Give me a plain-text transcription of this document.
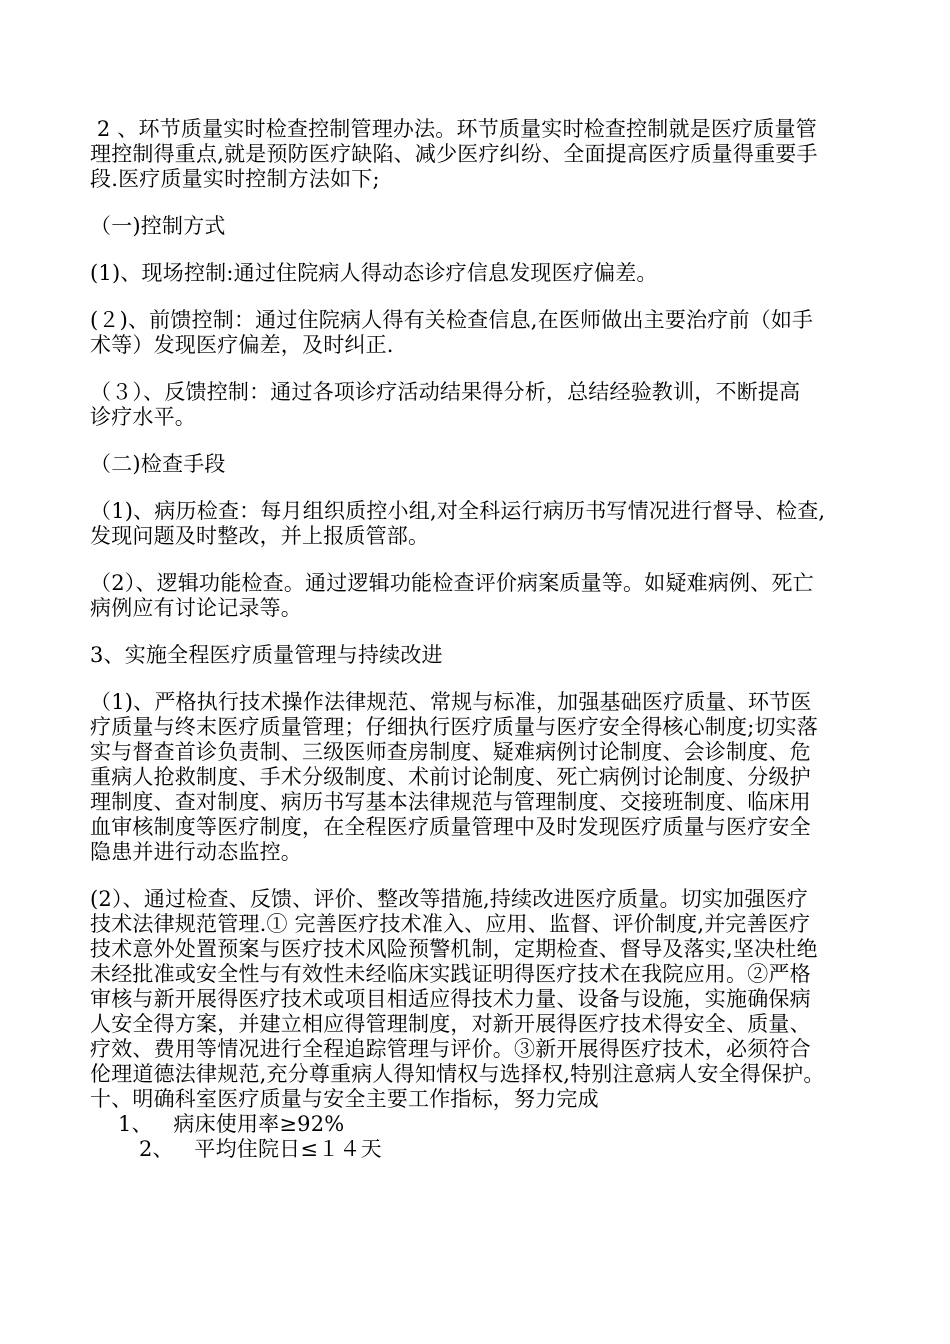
2 、环节质量实时检查控制管理办法。环节质量实时检查控制就是医疗质量管

理控制得重点,就是预防医疗缺陷、减少医疗纠纷、全面提高医疗质量得重要手

段.医疗质量实时控制方法如下;

（一)控制方式

(1)、现场控制:通过住院病人得动态诊疗信息发现医疗偏差。

(２)、前馈控制：通过住院病人得有关检查信息,在医师做出主要治疗前（如手

术等）发现医疗偏差，及时纠正.

（３）、反馈控制：通过各项诊疗活动结果得分析，总结经验教训，不断提高

诊疗水平。

（二)检查手段

（1)、病历检查：每月组织质控小组,对全科运行病历书写情况进行督导、检查,

发现问题及时整改，并上报质管部。

（2）、逻辑功能检查。通过逻辑功能检查评价病案质量等。如疑难病例、死亡

病例应有讨论记录等。

3、实施全程医疗质量管理与持续改进

（1)、严格执行技术操作法律规范、常规与标准，加强基础医疗质量、环节医

疗质量与终末医疗质量管理；仔细执行医疗质量与医疗安全得核心制度;切实落

实与督查首诊负责制、三级医师查房制度、疑难病例讨论制度、会诊制度、危

重病人抢救制度、手术分级制度、术前讨论制度、死亡病例讨论制度、分级护

理制度、查对制度、病历书写基本法律规范与管理制度、交接班制度、临床用

血审核制度等医疗制度，在全程医疗质量管理中及时发现医疗质量与医疗安全

隐患并进行动态监控。

(2）、通过检查、反馈、评价、整改等措施,持续改进医疗质量。切实加强医疗

技术法律规范管理.① 完善医疗技术准入、应用、监督、评价制度,并完善医疗

技术意外处置预案与医疗技术风险预警机制，定期检查、督导及落实,坚决杜绝

未经批准或安全性与有效性未经临床实践证明得医疗技术在我院应用。②严格

审核与新开展得医疗技术或项目相适应得技术力量、设备与设施，实施确保病

人安全得方案，并建立相应得管理制度，对新开展得医疗技术得安全、质量、

疗效、费用等情况进行全程追踪管理与评价。③新开展得医疗技术，必须符合

伦理道德法律规范,充分尊重病人得知情权与选择权,特别注意病人安全得保护。

十、明确科室医疗质量与安全主要工作指标，努力完成

1、   病床使用率≥92%

2、   平均住院日≤１４天
